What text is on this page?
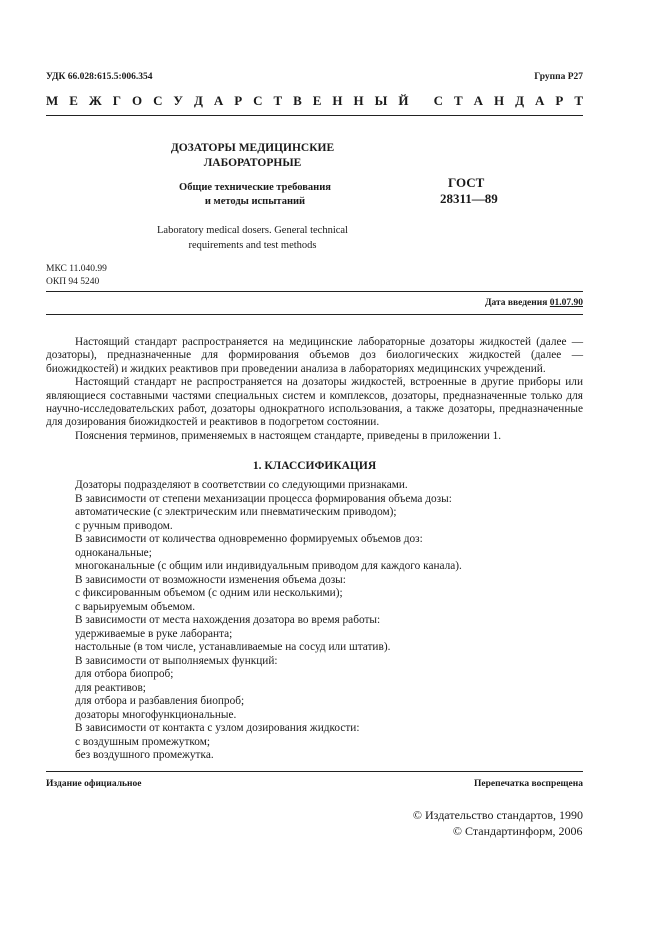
УДК 66.028:615.5:006.354	Группа Р27
М Е Ж Г О С У Д А Р С Т В Е Н Н Ы Й
С Т А Н Д А Р Т
ДОЗАТОРЫ МЕДИЦИНСКИЕ
ЛАБОРАТОРНЫЕ
Общие технические требования
и методы испытаний
Laboratory medical dosers. General technical
requirements and test methods
ГОСТ
28311—89
МКС 11.040.99
ОКП 94 5240
Дата введения 01.07.90

Настоящий стандарт распространяется на медицинские лабораторные дозаторы жидкостей (далее — дозаторы), предназначенные для формирования объемов доз биологических жидкостей (далее — биожидкостей) и жидких реактивов при проведении анализа в лабораториях медицинских учреждений.

Настоящий стандарт не распространяется на дозаторы жидкостей, встроенные в другие приборы или являющиеся составными частями специальных систем и комплексов, дозаторы, предназначенные только для научно-исследовательских работ, дозаторы однократного использования, а также дозаторы, предназначенные для дозирования биожидкостей и реактивов в подогретом состоянии.

Пояснения терминов, применяемых в настоящем стандарте, приведены в приложении 1.

1. КЛАССИФИКАЦИЯ
Дозаторы подразделяют в соответствии со следующими признаками.
В зависимости от степени механизации процесса формирования объема дозы:
автоматические (с электрическим или пневматическим приводом);
с ручным приводом.
В зависимости от количества одновременно формируемых объемов доз:
одноканальные;
многоканальные (с общим или индивидуальным приводом для каждого канала).
В зависимости от возможности изменения объема дозы:
с фиксированным объемом (с одним или несколькими);
с варьируемым объемом.
В зависимости от места нахождения дозатора во время работы:
удерживаемые в руке лаборанта;
настольные (в том числе, устанавливаемые на сосуд или штатив).
В зависимости от выполняемых функций:
для отбора биопроб;
для реактивов;
для отбора и разбавления биопроб;
дозаторы многофункциональные.
В зависимости от контакта с узлом дозирования жидкости:
с воздушным промежутком;
без воздушного промежутка.
Издание официальное	Перепечатка воспрещена
© Издательство стандартов, 1990
© Стандартинформ, 2006
